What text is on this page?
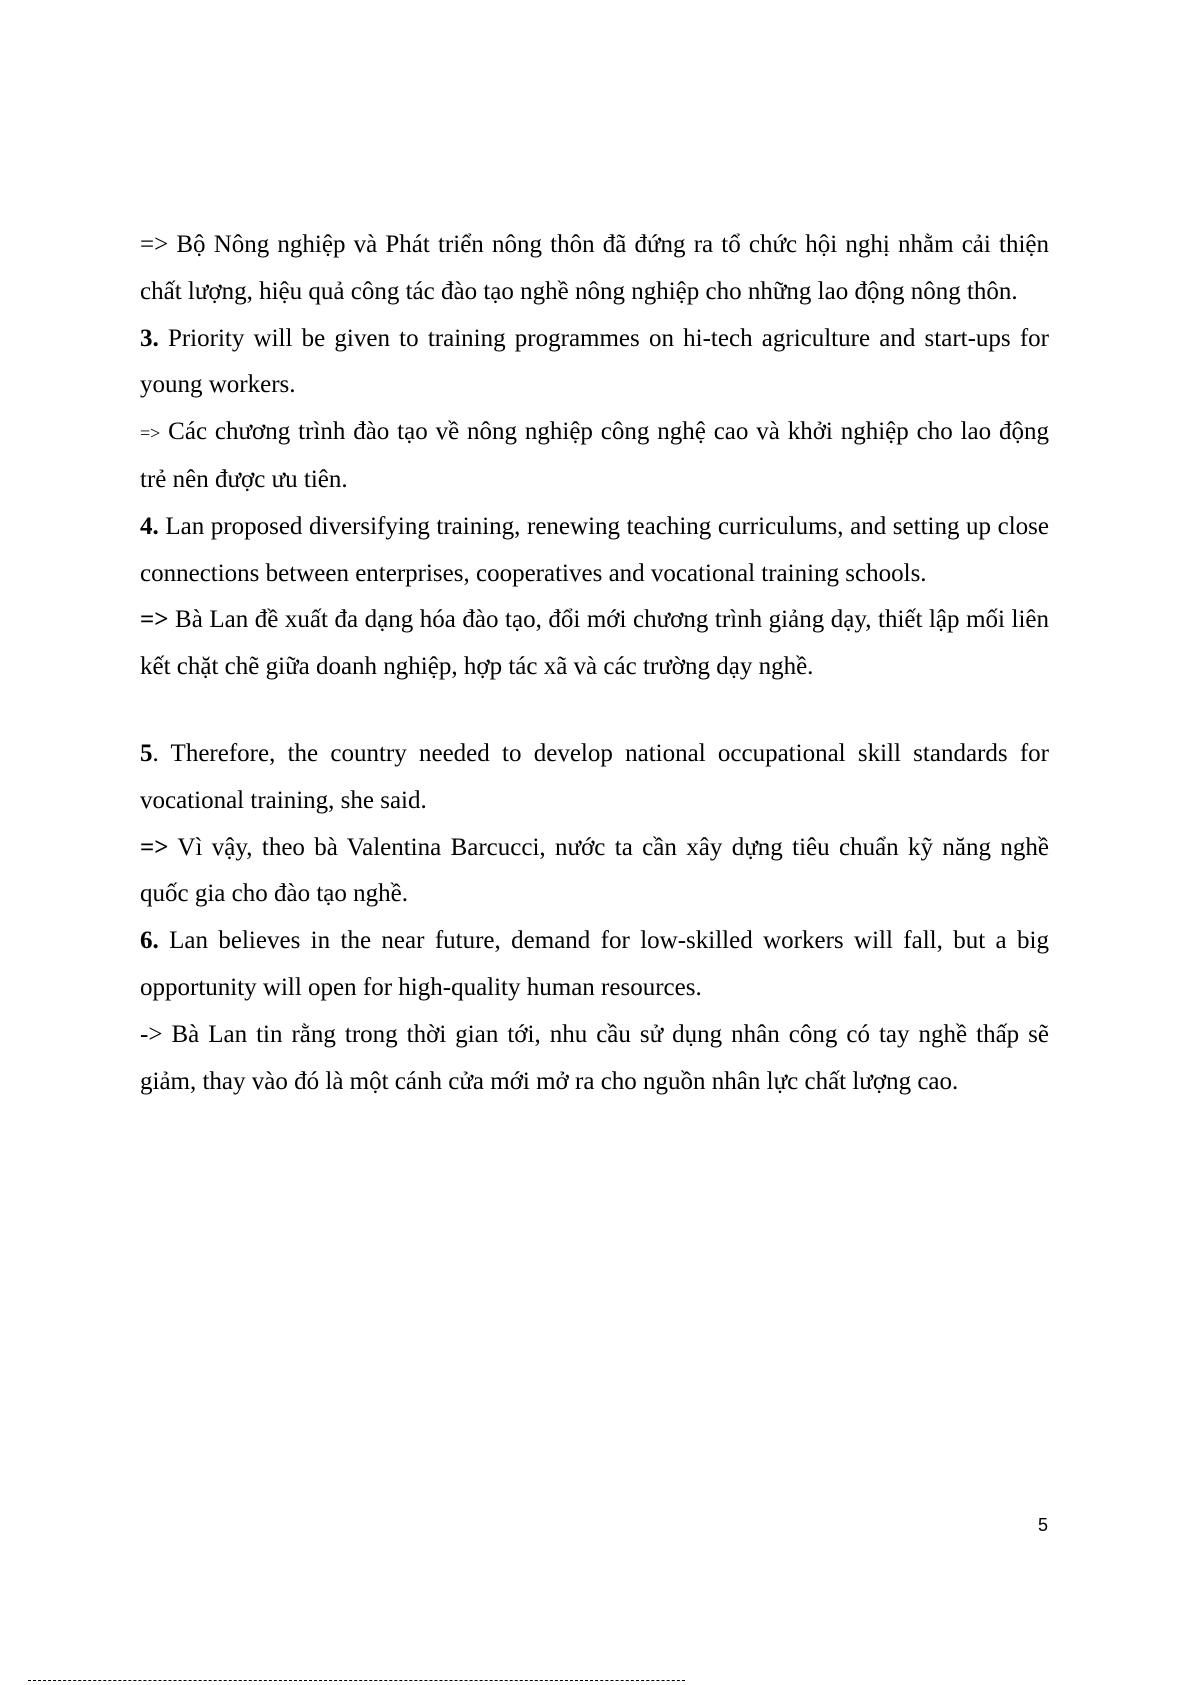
=> Bộ Nông nghiệp và Phát triển nông thôn đã đứng ra tổ chức hội nghị nhằm cải thiện chất lượng, hiệu quả công tác đào tạo nghề nông nghiệp cho những lao động nông thôn.

3. Priority will be given to training programmes on hi-tech agriculture and start-ups for young workers.

=> Các chương trình đào tạo về nông nghiệp công nghệ cao và khởi nghiệp cho lao động trẻ nên được ưu tiên.

4. Lan proposed diversifying training, renewing teaching curriculums, and setting up close connections between enterprises, cooperatives and vocational training schools.

=> Bà Lan đề xuất đa dạng hóa đào tạo, đổi mới chương trình giảng dạy, thiết lập mối liên kết chặt chẽ giữa doanh nghiệp, hợp tác xã và các trường dạy nghề.

5. Therefore, the country needed to develop national occupational skill standards for vocational training, she said.

=> Vì vậy, theo bà Valentina Barcucci, nước ta cần xây dựng tiêu chuẩn kỹ năng nghề quốc gia cho đào tạo nghề.

6. Lan believes in the near future, demand for low-skilled workers will fall, but a big opportunity will open for high-quality human resources.

-> Bà Lan tin rằng trong thời gian tới, nhu cầu sử dụng nhân công có tay nghề thấp sẽ giảm, thay vào đó là một cánh cửa mới mở ra cho nguồn nhân lực chất lượng cao.

5
